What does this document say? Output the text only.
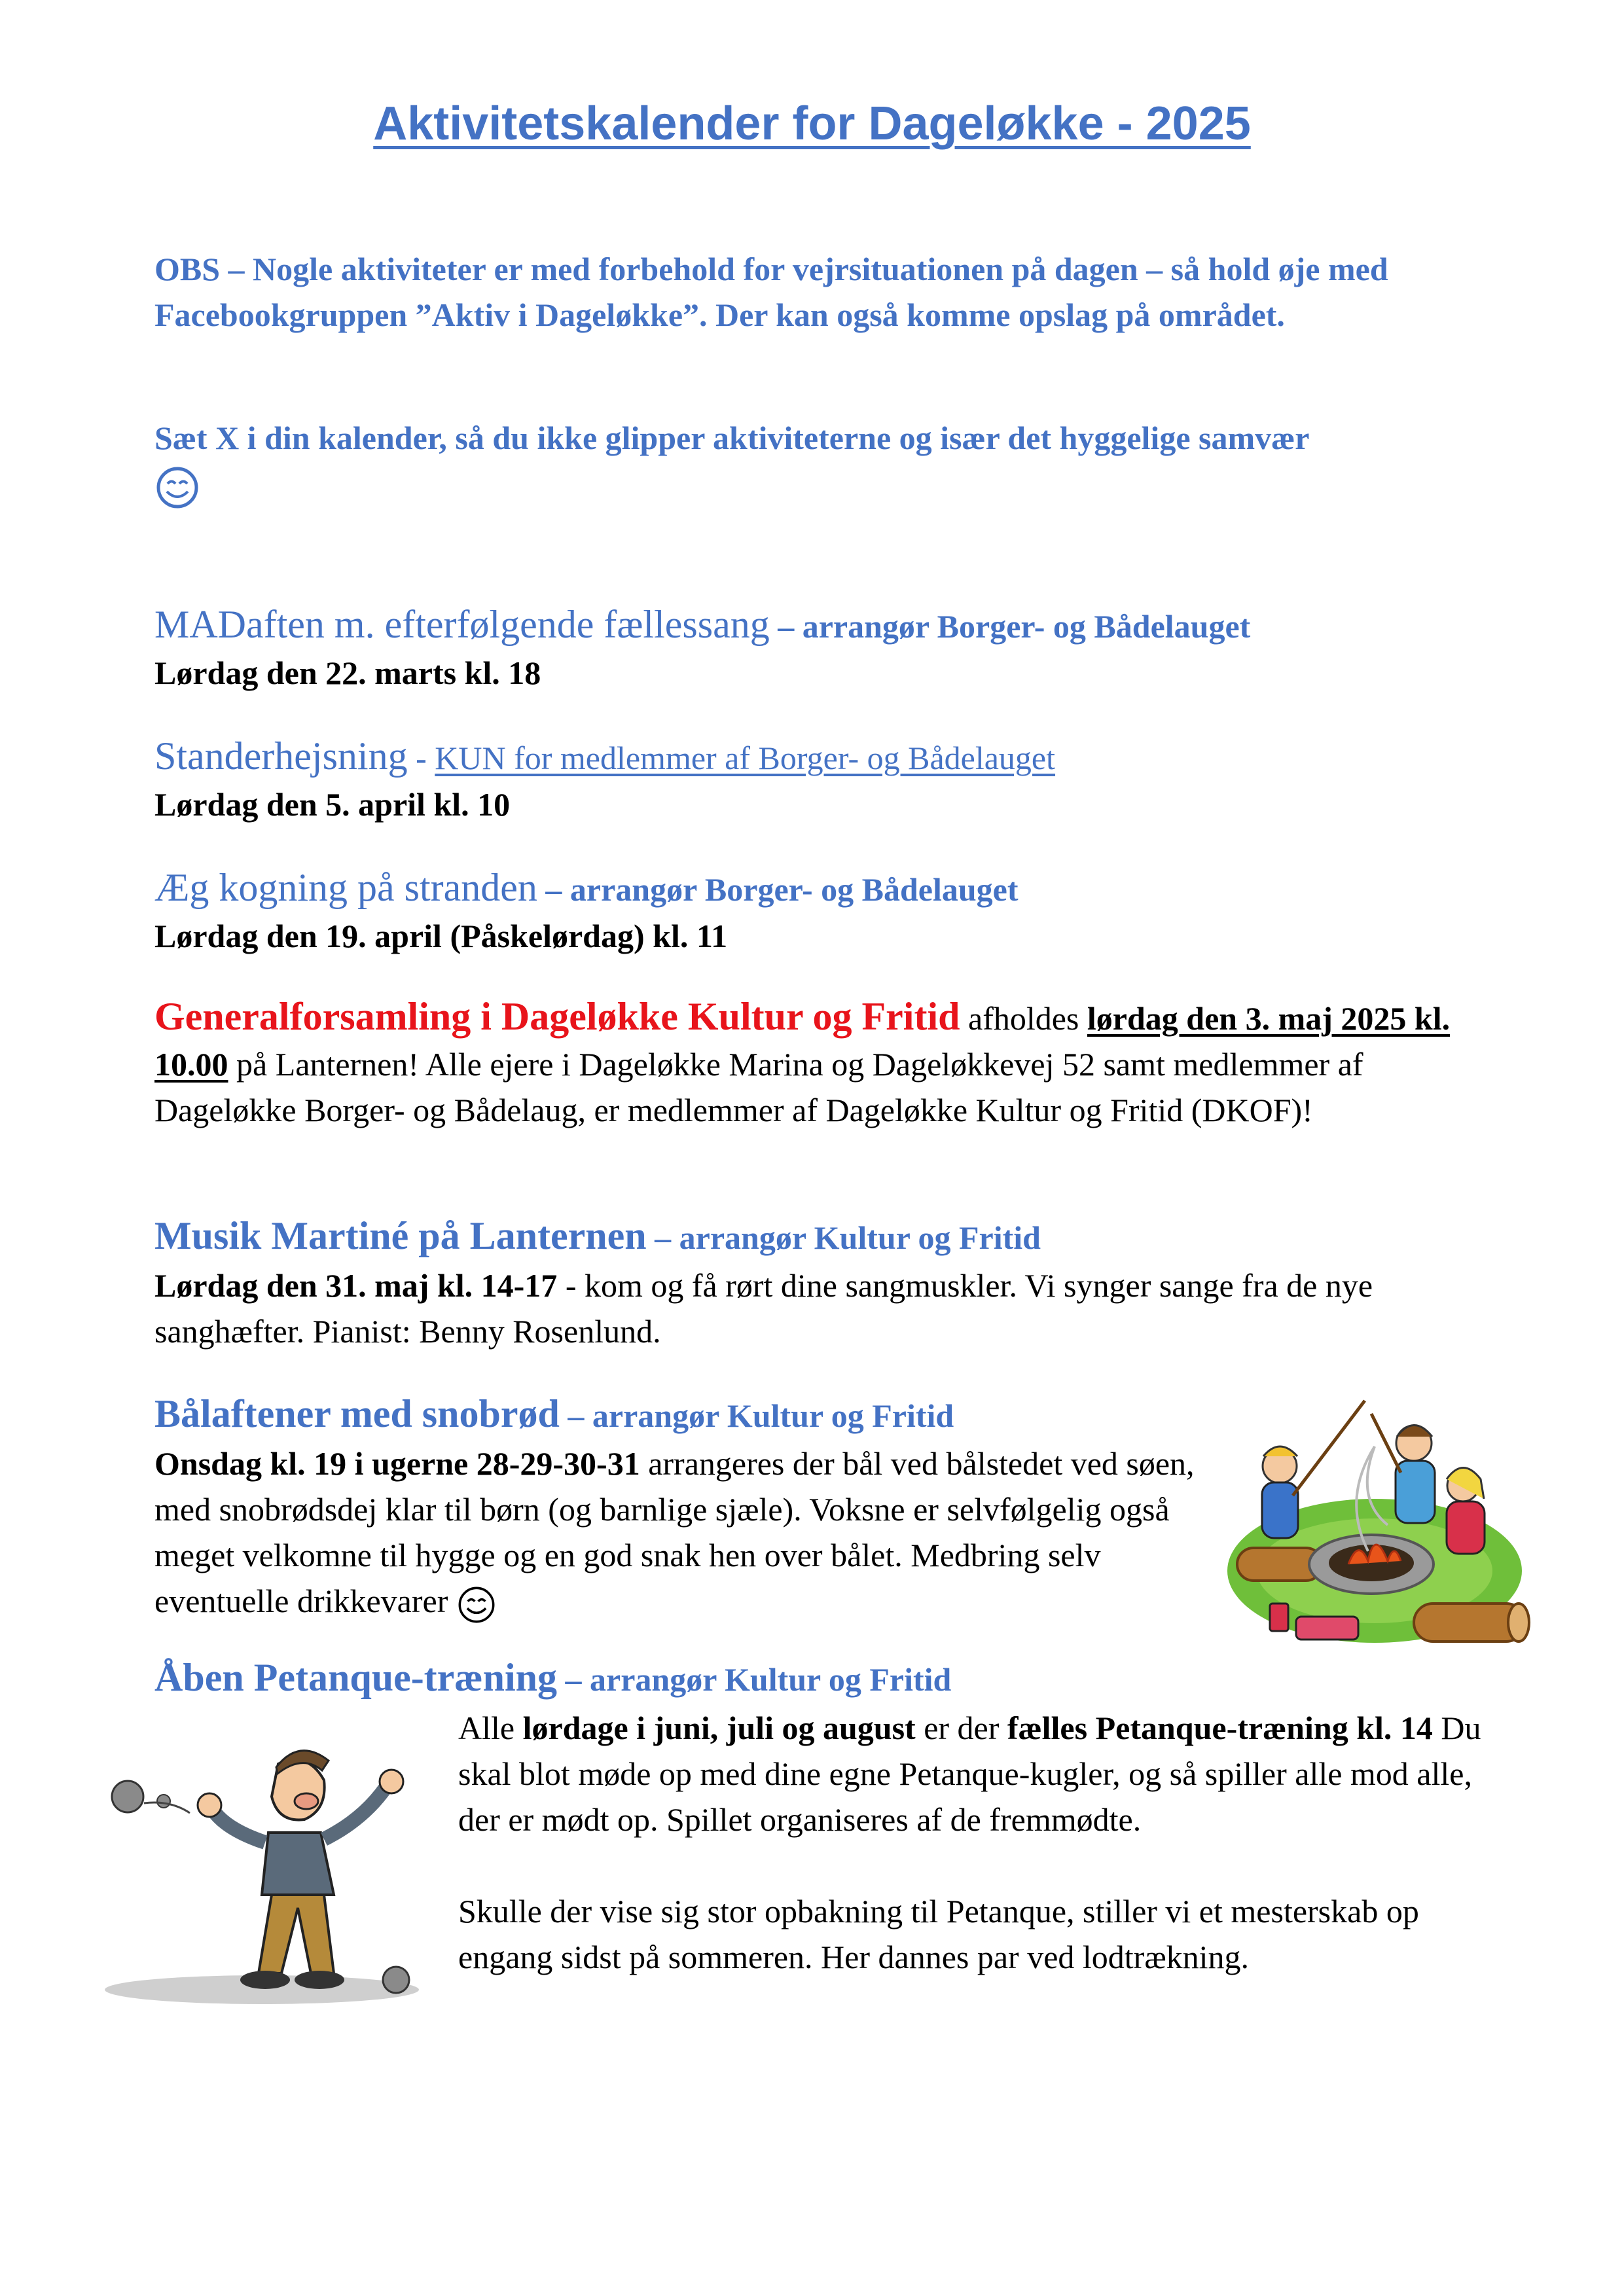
Aktivitetskalender for Dageløkke - 2025
OBS – Nogle aktiviteter er med forbehold for vejrsituationen på dagen – så hold øje med Facebookgruppen ”Aktiv i Dageløkke”. Der kan også komme opslag på området.
Sæt X i din kalender, så du ikke glipper aktiviteterne og især det hyggelige samvær

MADaften m. efterfølgende fællessang – arrangør Borger- og Bådelauget
Lørdag den 22. marts kl. 18
Standerhejsning - KUN for medlemmer af Borger- og Bådelauget
Lørdag den 5. april kl. 10
Æg kogning på stranden – arrangør Borger- og Bådelauget
Lørdag den 19. april (Påskelørdag) kl. 11
Generalforsamling i Dageløkke Kultur og Fritid afholdes lørdag den 3. maj 2025 kl. 10.00 på Lanternen! Alle ejere i Dageløkke Marina og Dageløkkevej 52 samt medlemmer af Dageløkke Borger- og Bådelaug, er medlemmer af Dageløkke Kultur og Fritid (DKOF)!
Musik Martiné på Lanternen – arrangør Kultur og Fritid
Lørdag den 31. maj kl. 14-17 - kom og få rørt dine sangmuskler. Vi synger sange fra de nye sanghæfter. Pianist: Benny Rosenlund.
Bålaftener med snobrød – arrangør Kultur og Fritid
Onsdag kl. 19 i ugerne 28-29-30-31 arrangeres der bål ved bålstedet ved søen, med snobrødsdej klar til børn (og barnlige sjæle). Voksne er selvfølgelig også meget velkomne til hygge og en god snak hen over bålet. Medbring selv eventuelle drikkevarer
Åben Petanque-træning – arrangør Kultur og Fritid
Alle lørdage i juni, juli og august er der fælles Petanque-træning kl. 14 Du skal blot møde op med dine egne Petanque-kugler, og så spiller alle mod alle, der er mødt op. Spillet organiseres af de fremmødte.
Skulle der vise sig stor opbakning til Petanque, stiller vi et mesterskab op engang sidst på sommeren. Her dannes par ved lodtrækning.
